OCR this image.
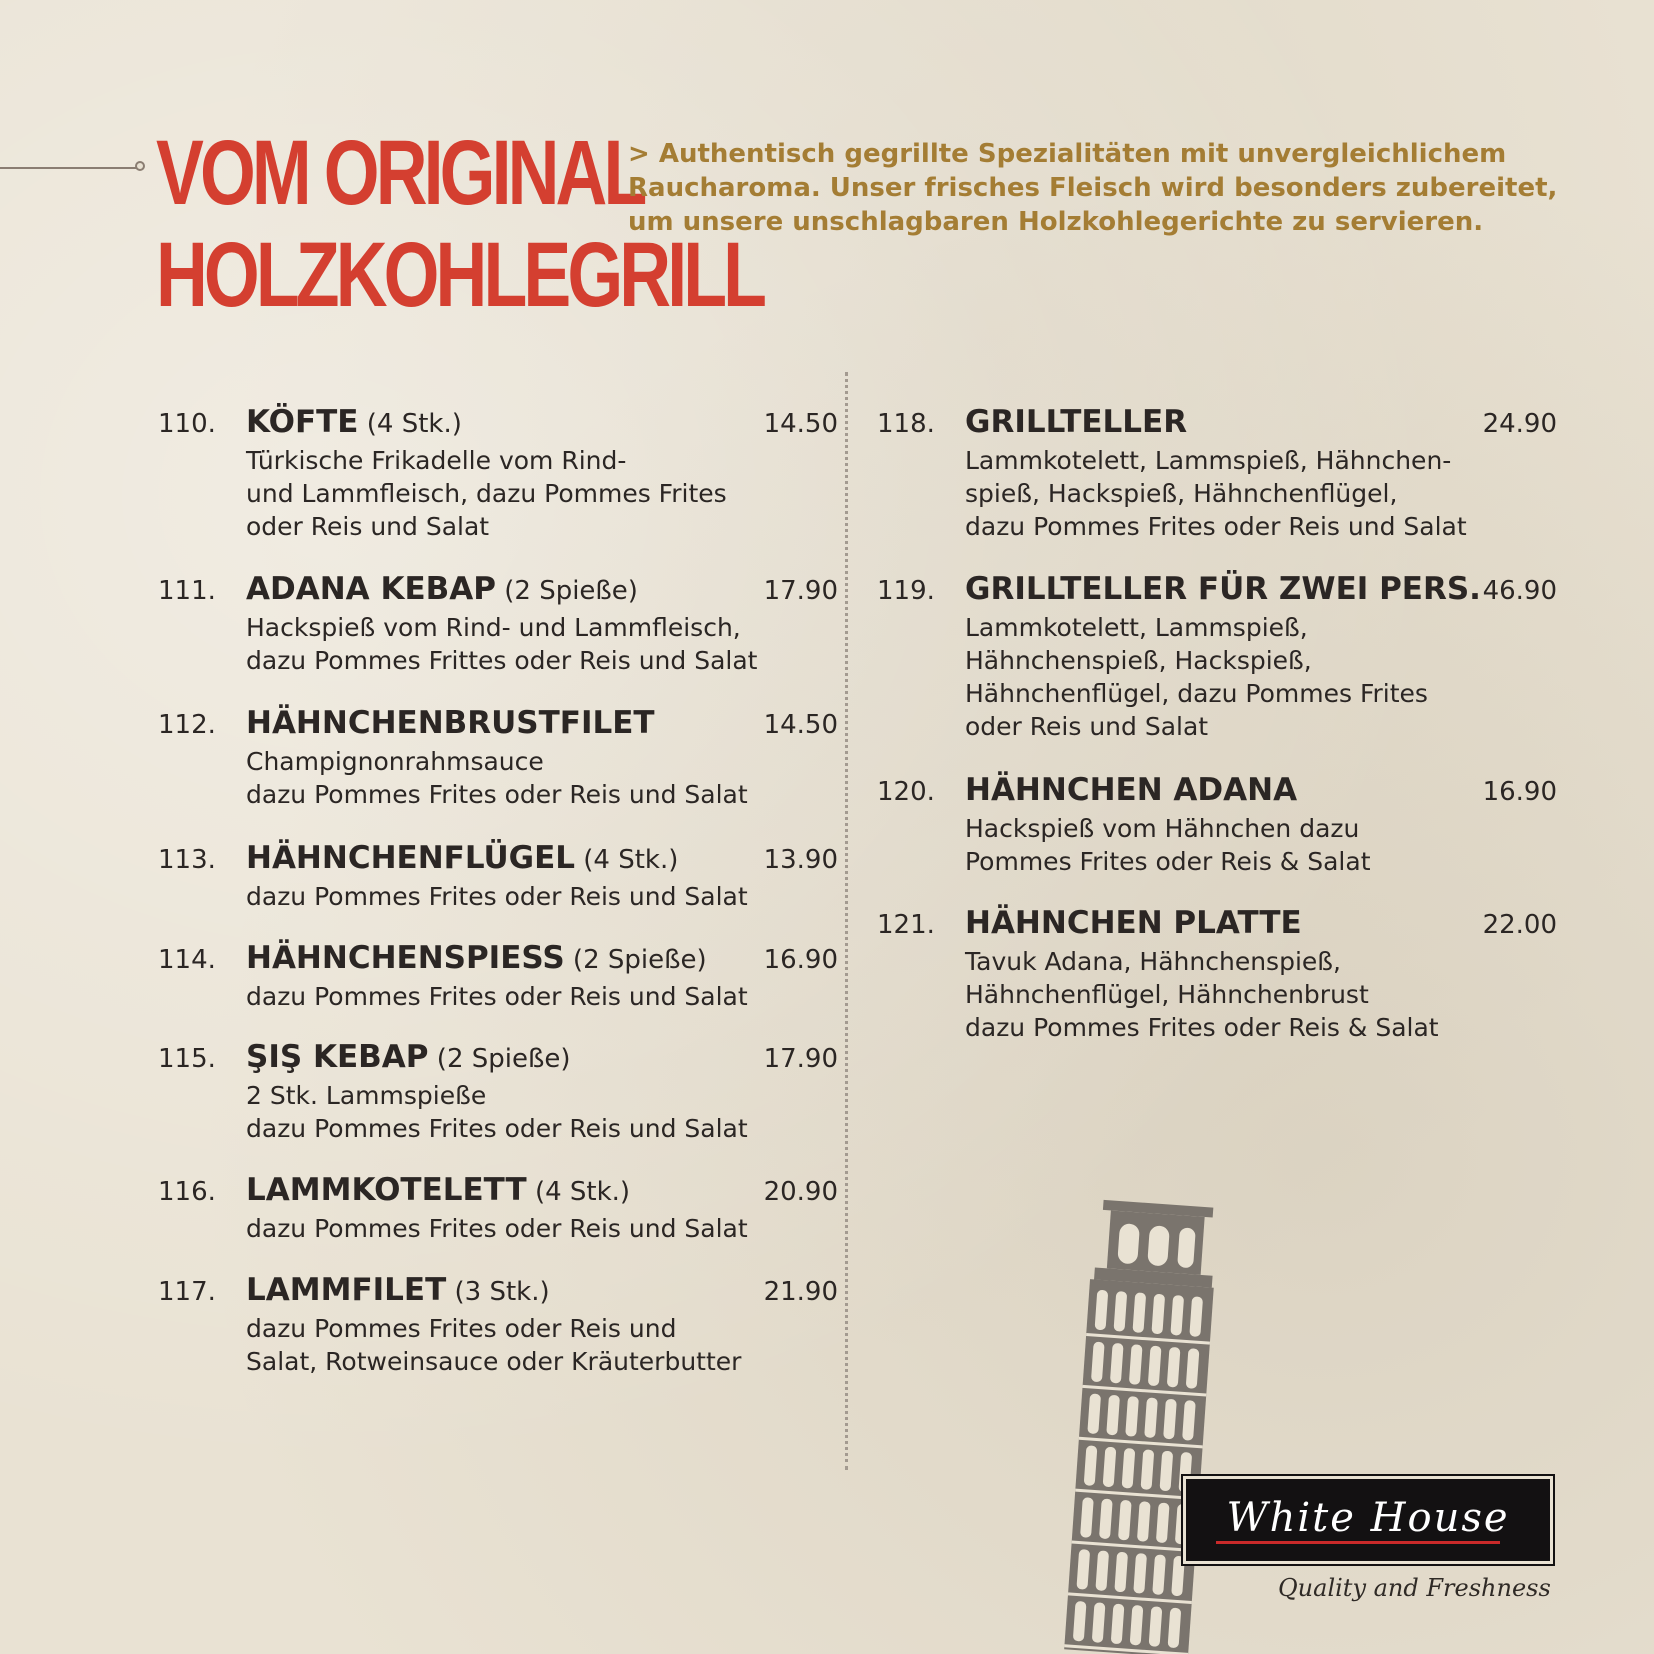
VOM ORIGINAL
HOLZKOHLEGRILL
> Authentisch gegrillte Spezialitäten mit unvergleichlichem
Raucharoma. Unser frisches Fleisch wird besonders zubereitet,
um unsere unschlagbaren Holzkohlegerichte zu servieren.
110.	14.50
KÖFTE (4 Stk.)
Türkische Frikadelle vom Rind-
und Lammfleisch, dazu Pommes Frites
oder Reis und Salat
111.	17.90
ADANA KEBAP (2 Spieße)
Hackspieß vom Rind- und Lammfleisch,
dazu Pommes Frittes oder Reis und Salat
112.	14.50
HÄHNCHENBRUSTFILET
Champignonrahmsauce
dazu Pommes Frites oder Reis und Salat
113.	13.90
HÄHNCHENFLÜGEL (4 Stk.)
dazu Pommes Frites oder Reis und Salat
114.	16.90
HÄHNCHENSPIESS (2 Spieße)
dazu Pommes Frites oder Reis und Salat
115.	17.90
ŞIŞ KEBAP (2 Spieße)
2 Stk. Lammspieße
dazu Pommes Frites oder Reis und Salat
116.	20.90
LAMMKOTELETT (4 Stk.)
dazu Pommes Frites oder Reis und Salat
117.	21.90
LAMMFILET (3 Stk.)
dazu Pommes Frites oder Reis und
Salat, Rotweinsauce oder Kräuterbutter
118.	24.90
GRILLTELLER
Lammkotelett, Lammspieß, Hähnchen-
spieß, Hackspieß, Hähnchenflügel,
dazu Pommes Frites oder Reis und Salat
119.	46.90
GRILLTELLER FÜR ZWEI PERS.
Lammkotelett, Lammspieß,
Hähnchenspieß, Hackspieß,
Hähnchenflügel, dazu Pommes Frites
oder Reis und Salat
120.	16.90
HÄHNCHEN ADANA
Hackspieß vom Hähnchen dazu
Pommes Frites oder Reis & Salat
121.	22.00
HÄHNCHEN PLATTE
Tavuk Adana, Hähnchenspieß,
Hähnchenflügel, Hähnchenbrust
dazu Pommes Frites oder Reis & Salat
White House
Quality and Freshness
